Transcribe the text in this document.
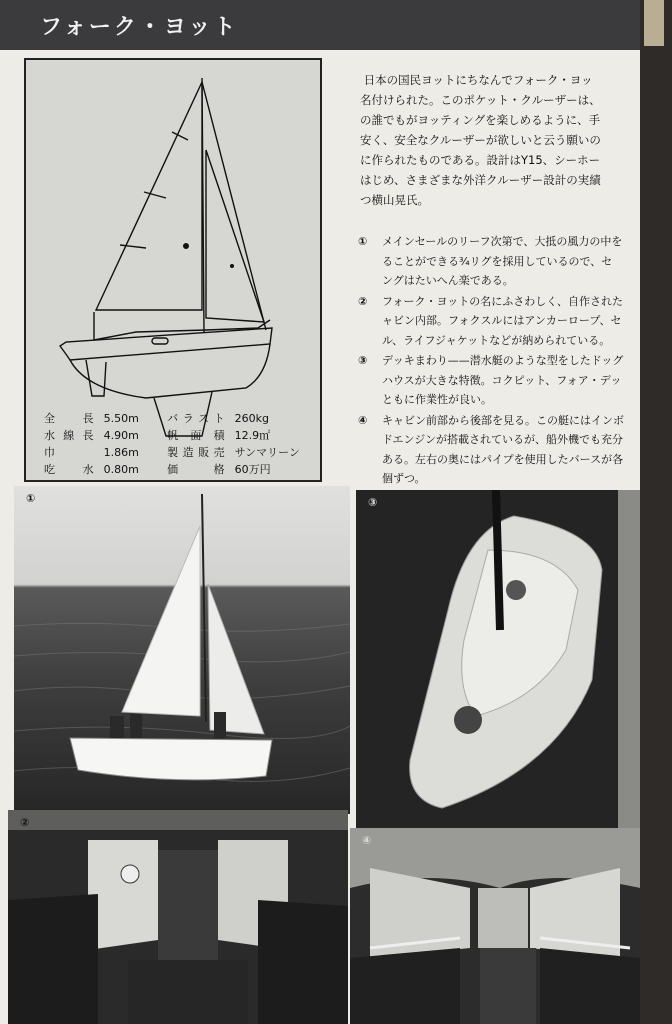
フォーク・ヨット
全長 5.50m	バラスト 260kg
水線長 4.90m	帆面積 12.9㎡
巾	1.86m	製造販売 サンマリーン
吃水 0.80m	価格 60万円
日本の国民ヨットにちなんでフォーク・ヨッ
名付けられた。このポケット・クルーザーは、
の誰でもがヨッティングを楽しめるように、手
安く、安全なクルーザーが欲しいと云う願いの
に作られたものである。設計はY15、シーホー
はじめ、さまざまな外洋クルーザー設計の実績
つ横山晃氏。
①	メインセールのリーフ次第で、大抵の風力の中を
ることができる¾リグを採用しているので、セ
ングはたいへん楽である。
②	フォーク・ヨットの名にふさわしく、自作された
ャビン内部。フォクスルにはアンカーロープ、セ
ル、ライフジャケットなどが納められている。
③	デッキまわり——潜水艇のような型をしたドッグ
ハウスが大きな特徴。コクピット、フォア・デッ
ともに作業性が良い。
④	キャビン前部から後部を見る。この艇にはインボ
ドエンジンが搭載されているが、船外機でも充分
ある。左右の奥にはパイプを使用したバースが各
個ずつ。
①	③
②
④
